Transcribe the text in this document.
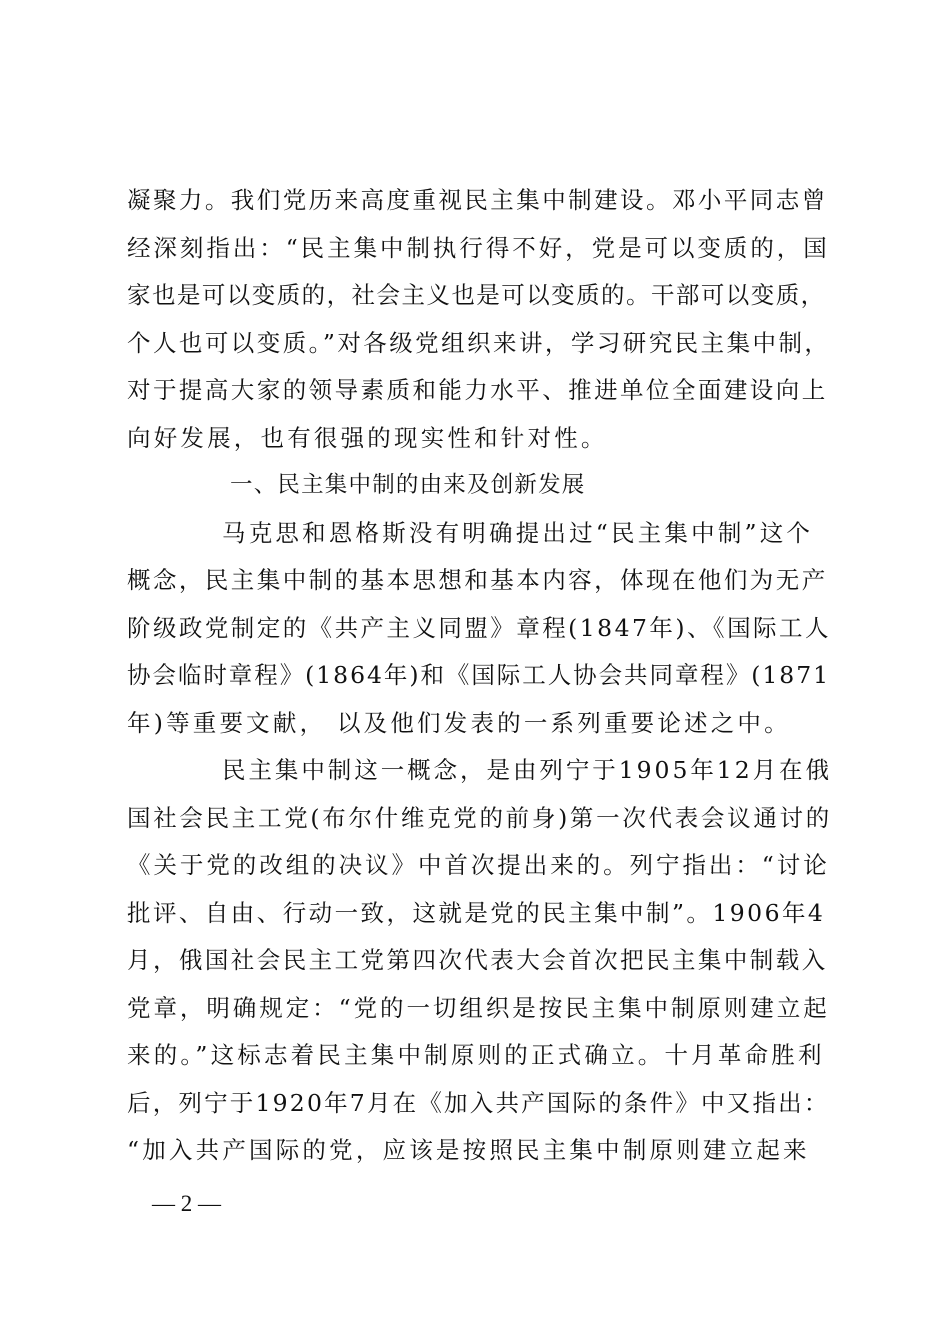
凝聚力。我们党历来高度重视民主集中制建设。邓小平同志曾
经深刻指出：“民主集中制执行得不好，党是可以变质的，国
家也是可以变质的，社会主义也是可以变质的。干部可以变质，
个人也可以变质。”对各级党组织来讲，学习研究民主集中制，
对于提高大家的领导素质和能力水平、推进单位全面建设向上
向好发展，也有很强的现实性和针对性。
一、民主集中制的由来及创新发展
马克思和恩格斯没有明确提出过“民主集中制”这个
概念，民主集中制的基本思想和基本内容，体现在他们为无产
阶级政党制定的《共产主义同盟》章程(1847年)、《国际工人
协会临时章程》(1864年)和《国际工人协会共同章程》(1871
年)等重要文献， 以及他们发表的一系列重要论述之中。
民主集中制这一概念，是由列宁于1905年12月在俄
国社会民主工党(布尔什维克党的前身)第一次代表会议通讨的
《关于党的改组的决议》中首次提出来的。列宁指出：“讨论
批评、自由、行动一致，这就是党的民主集中制”。1906年4
月，俄国社会民主工党第四次代表大会首次把民主集中制载入
党章，明确规定：“党的一切组织是按民主集中制原则建立起
来的。”这标志着民主集中制原则的正式确立。十月革命胜利
后，列宁于1920年7月在《加入共产国际的条件》中又指出：
“加入共产国际的党，应该是按照民主集中制原则建立起来
— 2 —
